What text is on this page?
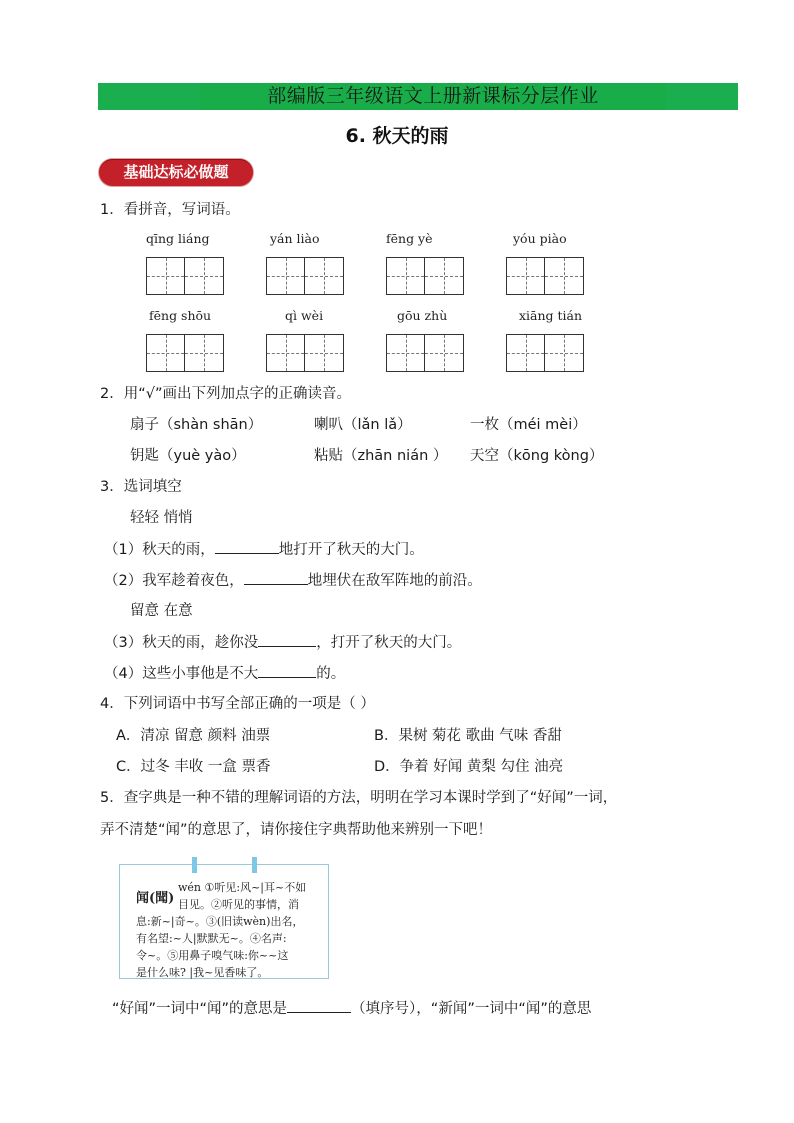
部编版三年级语文上册新课标分层作业
6. 秋天的雨
基础达标必做题
1．看拼音，写词语。
qīng liáng	yán liào	fēng yè	yóu piào
fēng shōu	qì wèi	gōu zhù	xiāng tián
2．用“√”画出下列加点字的正确读音。
扇子（shàn shān）	喇叭（lǎn lǎ）	一枚（méi mèi）
钥匙（yuè yào）	粘贴（zhān nián ） 天空（kōng kòng）
3．选词填空
轻轻 悄悄
（1）秋天的雨，	地打开了秋天的大门。
（2）我军趁着夜色，	地埋伏在敌军阵地的前沿。
留意 在意
（3）秋天的雨，趁你没	，打开了秋天的大门。
（4）这些小事他是不大	的。
4．下列词语中书写全部正确的一项是（ ）
A．清凉 留意 颜料 油票	B．果树 菊花 歌曲 气味 香甜
C．过冬 丰收 一盒 票香	D．争着 好闻 黄梨 勾住 油亮
5．查字典是一种不错的理解词语的方法，明明在学习本课时学到了“好闻”一词，
弄不清楚“闻”的意思了，请你接住字典帮助他来辨别一下吧！
闻(聞)
wén ①听见:风~|耳~不如
目见。②听见的事情，消
息:新~|奇~。③(旧读wèn)出名，
有名望:~人|默默无~。④名声:
令~。⑤用鼻子嗅气味:你~~这
是什么味? |我~见香味了。
“好闻”一词中“闻”的意思是	（填序号），“新闻”一词中“闻”的意思
